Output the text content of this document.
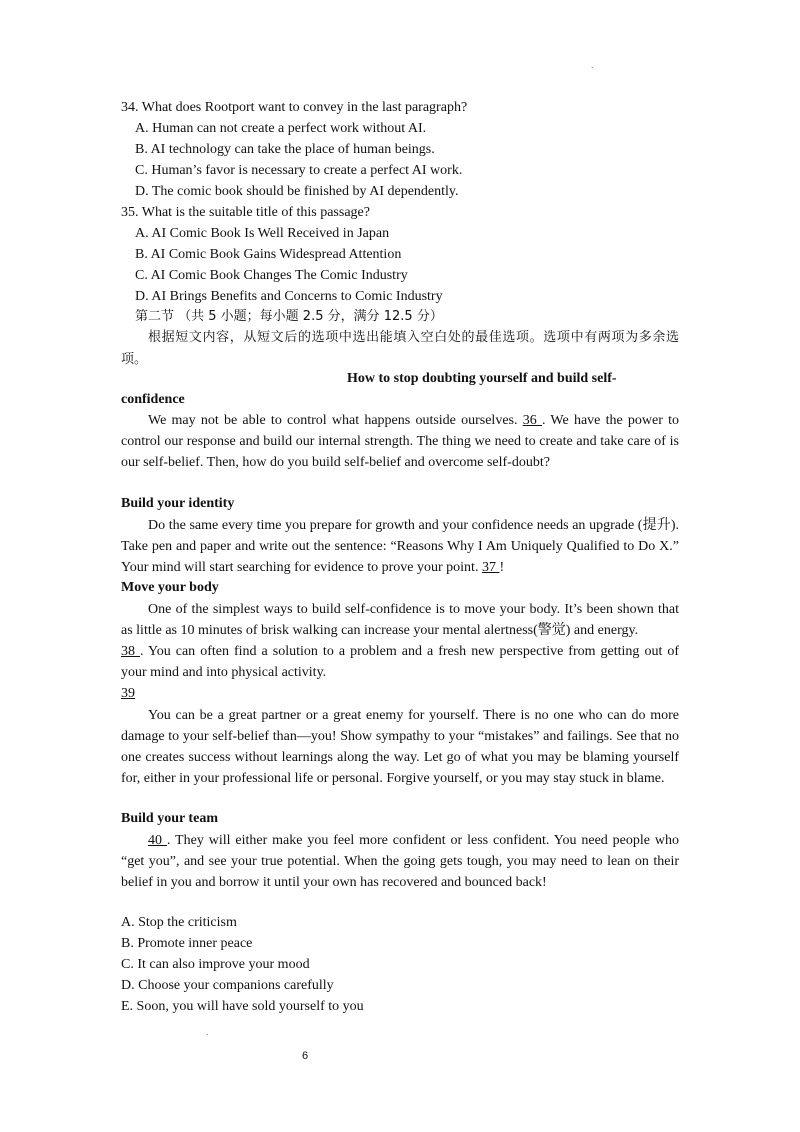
.
34. What does Rootport want to convey in the last paragraph?
A. Human can not create a perfect work without AI.
B. AI technology can take the place of human beings.
C. Human’s favor is necessary to create a perfect AI work.
D. The comic book should be finished by AI dependently.
35. What is the suitable title of this passage?
A. AI Comic Book Is Well Received in Japan
B. AI Comic Book Gains Widespread Attention
C. AI Comic Book Changes The Comic Industry
D. AI Brings Benefits and Concerns to Comic Industry
第二节 （共 5 小题；每小题 2.5 分，满分 12.5 分）
根据短文内容，从短文后的选项中选出能填入空白处的最佳选项。选项中有两项为多余选项。
How to stop doubting yourself and build self-
confidence
We may not be able to control what happens outside ourselves. 36 . We have the power to control our response and build our internal strength. The thing we need to create and take care of is our self-belief. Then, how do you build self-belief and overcome self-doubt?
Build your identity
Do the same every time you prepare for growth and your confidence needs an upgrade (提升). Take pen and paper and write out the sentence: “Reasons Why I Am Uniquely Qualified to Do X.” Your mind will start searching for evidence to prove your point. 37 !
Move your body
One of the simplest ways to build self-confidence is to move your body. It’s been shown that as little as 10 minutes of brisk walking can increase your mental alertness(警觉) and energy.
38 . You can often find a solution to a problem and a fresh new perspective from getting out of your mind and into physical activity.
39
You can be a great partner or a great enemy for yourself. There is no one who can do more damage to your self-belief than—you! Show sympathy to your “mistakes” and failings. See that no one creates success without learnings along the way. Let go of what you may be blaming yourself for, either in your professional life or personal. Forgive yourself, or you may stay stuck in blame.
Build your team
40 . They will either make you feel more confident or less confident. You need people who “get you”, and see your true potential. When the going gets tough, you may need to lean on their belief in you and borrow it until your own has recovered and bounced back!
A. Stop the criticism
B. Promote inner peace
C. It can also improve your mood
D. Choose your companions carefully
E. Soon, you will have sold yourself to you
.
6
